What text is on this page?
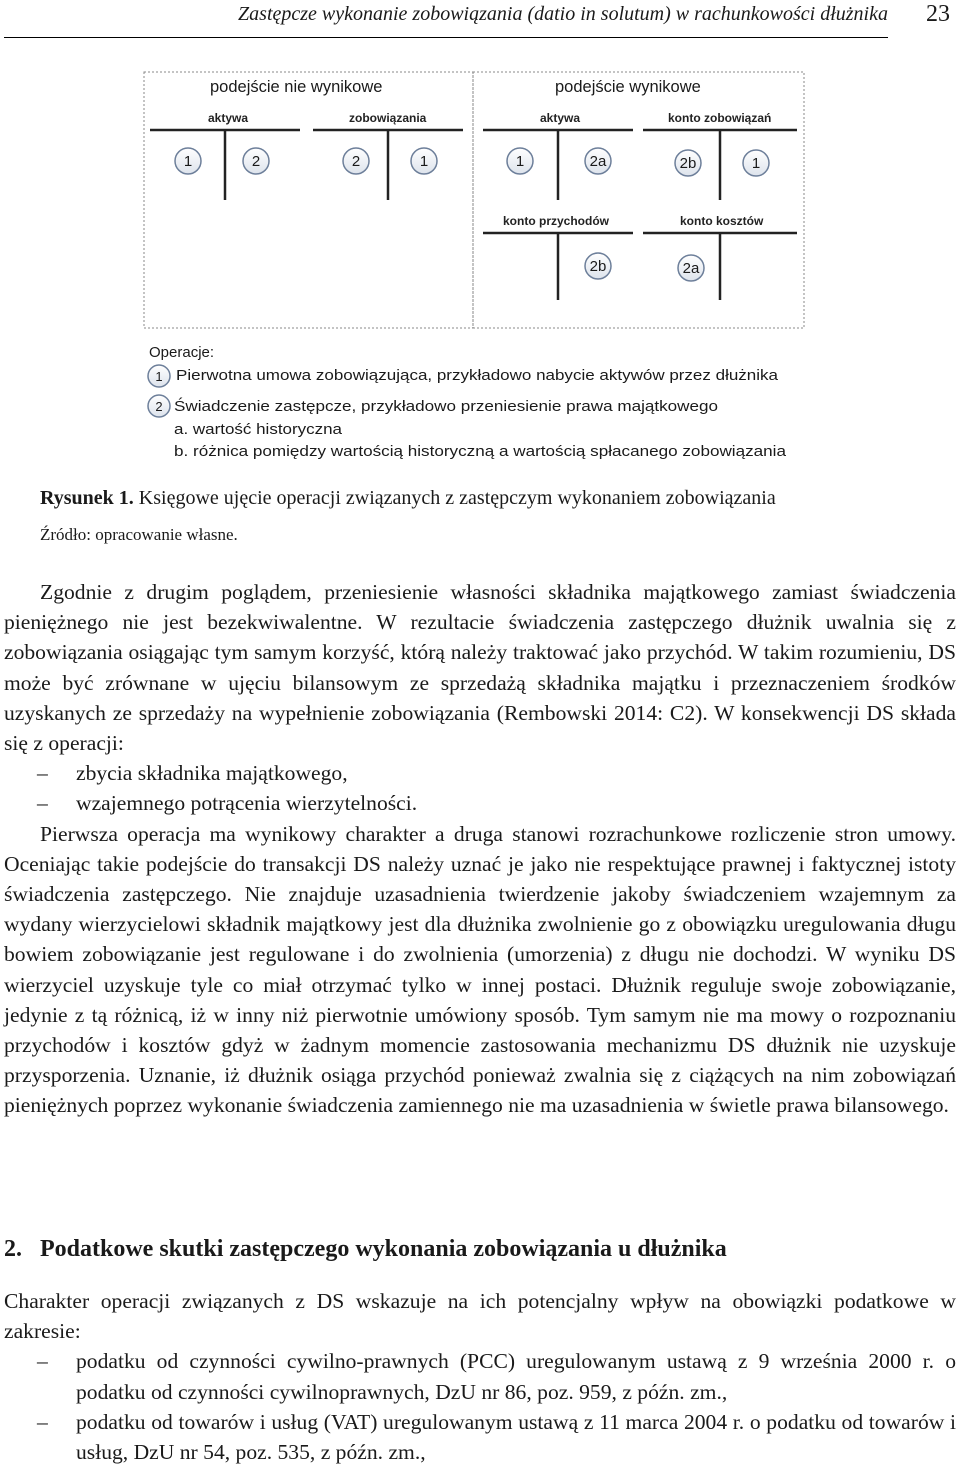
Zastępcze wykonanie zobowiązania (datio in solutum) w rachunkowości dłużnika 23
podejście nie wynikowe	podejście wynikowe
aktywa	zobowiązania	aktywa	konto zobowiązań
konto przychodów	konto kosztów
1	2	2	1	1	2a	2b	1
2b	2a
Operacje:
1 Pierwotna umowa zobowiązująca, przykładowo nabycie aktywów przez dłużnika
2 Świadczenie zastępcze, przykładowo przeniesienie prawa majątkowego
a. wartość historyczna
b. różnica pomiędzy wartością historyczną a wartością spłacanego zobowiązania
Rysunek 1. Księgowe ujęcie operacji związanych z zastępczym wykonaniem zobowiązania
Źródło: opracowanie własne.

Zgodnie z drugim poglądem, przeniesienie własności składnika majątkowego zamiast świadczenia pieniężnego nie jest bezekwiwalentne. W rezultacie świadczenia zastępczego dłużnik uwalnia się z zobowiązania osiągając tym samym korzyść, którą należy traktować jako przychód. W takim rozumieniu, DS może być zrównane w ujęciu bilansowym ze sprzedażą składnika majątku i przeznaczeniem środków uzyskanych ze sprzedaży na wypełnienie zobowiązania (Rembowski 2014: C2). W konsekwencji DS składa się z operacji:

– zbycia składnika majątkowego,
– wzajemnego potrącenia wierzytelności.

Pierwsza operacja ma wynikowy charakter a druga stanowi rozrachunkowe rozliczenie stron umowy. Oceniając takie podejście do transakcji DS należy uznać je jako nie respektujące prawnej i faktycznej istoty świadczenia zastępczego. Nie znajduje uzasadnienia twierdzenie jakoby świadczeniem wzajemnym za wydany wierzycielowi składnik majątkowy jest dla dłużnika zwolnienie go z obowiązku uregulowania długu bowiem zobowiązanie jest regulowane i do zwolnienia (umorzenia) z długu nie dochodzi. W wyniku DS wierzyciel uzyskuje tyle co miał otrzymać tylko w innej postaci. Dłużnik reguluje swoje zobowiązanie, jedynie z tą różnicą, iż w inny niż pierwotnie umówiony sposób. Tym samym nie ma mowy o rozpoznaniu przychodów i kosztów gdyż w żadnym momencie zastosowania mechanizmu DS dłużnik nie uzyskuje przysporzenia. Uznanie, iż dłużnik osiąga przychód ponieważ zwalnia się z ciążących na nim zobowiązań pieniężnych poprzez wykonanie świadczenia zamiennego nie ma uzasadnienia w świetle prawa bilansowego.

2. Podatkowe skutki zastępczego wykonania zobowiązania u dłużnika

Charakter operacji związanych z DS wskazuje na ich potencjalny wpływ na obowiązki podatkowe w zakresie:

– podatku od czynności cywilno-prawnych (PCC) uregulowanym ustawą z 9 września 2000 r. o podatku od czynności cywilnoprawnych, DzU nr 86, poz. 959, z późn. zm.,
– podatku od towarów i usług (VAT) uregulowanym ustawą z 11 marca 2004 r. o podatku od towarów i usług, DzU nr 54, poz. 535, z późn. zm.,
